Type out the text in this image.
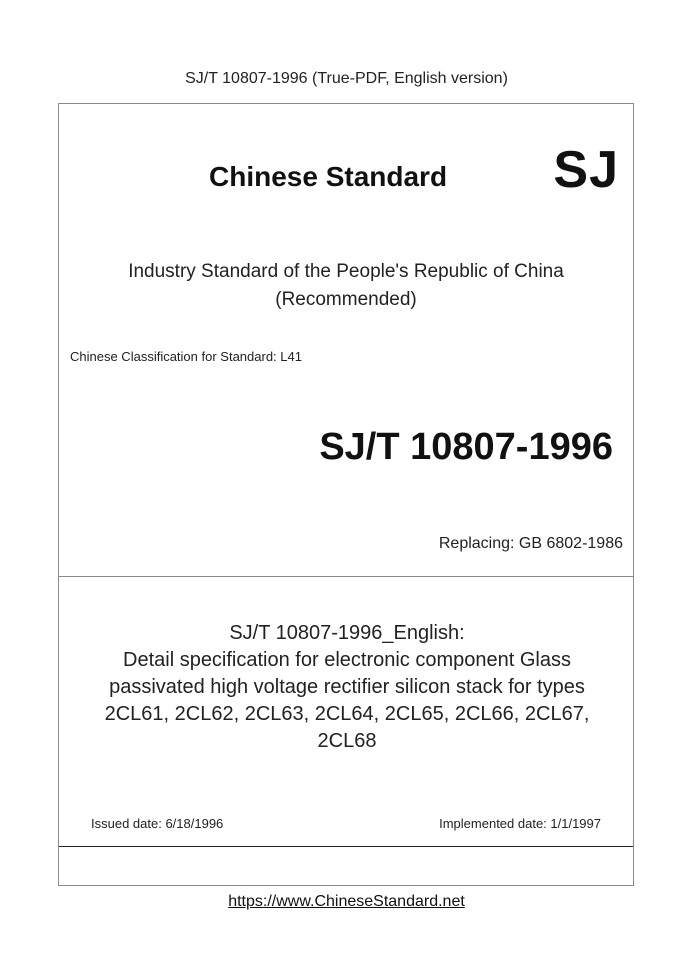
SJ/T 10807-1996 (True-PDF, English version)
Chinese Standard SJ
Industry Standard of the People's Republic of China
(Recommended)
Chinese Classification for Standard: L41
SJ/T 10807-1996
Replacing: GB 6802-1986
SJ/T 10807-1996_English:
Detail specification for electronic component Glass
passivated high voltage rectifier silicon stack for types
2CL61, 2CL62, 2CL63, 2CL64, 2CL65, 2CL66, 2CL67,
2CL68
Issued date: 6/18/1996	Implemented date: 1/1/1997
https://www.ChineseStandard.net
